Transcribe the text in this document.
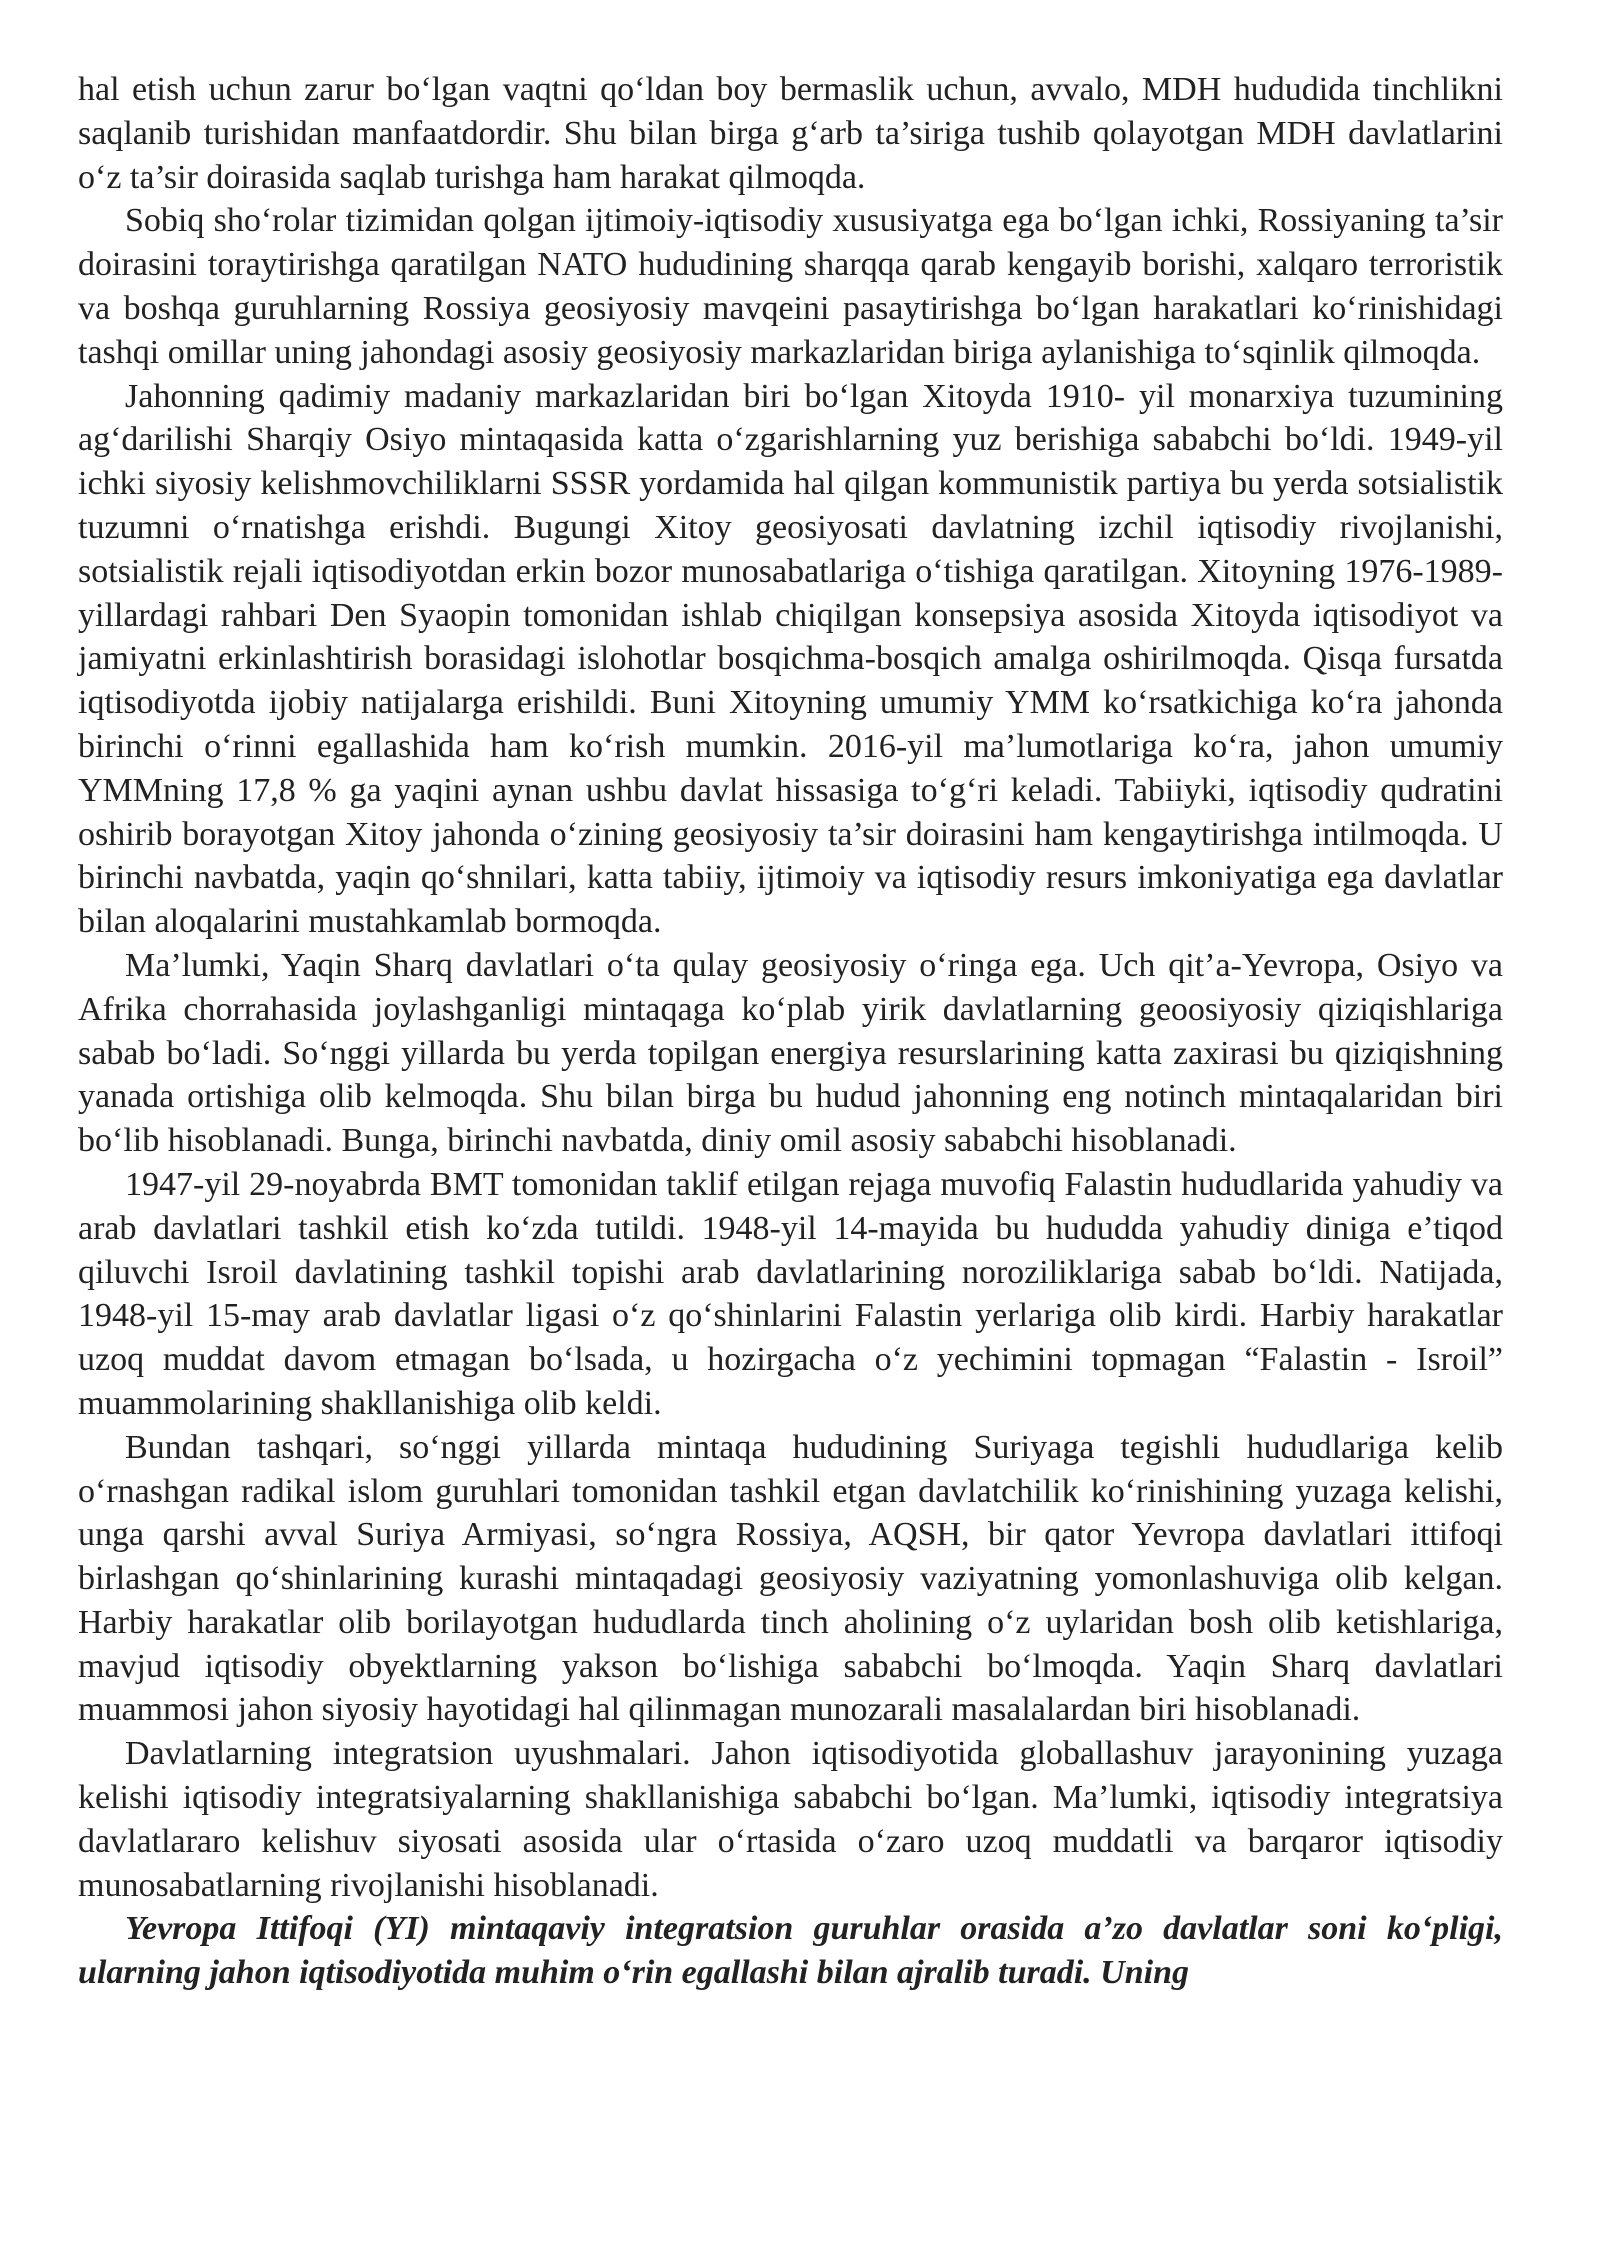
hal etish uchun zarur bo‘lgan vaqtni qo‘ldan boy bermaslik uchun, avvalo, MDH hududida tinchlikni saqlanib turishidan manfaatdordir. Shu bilan birga g‘arb ta’siriga tushib qolayotgan MDH davlatlarini o‘z ta’sir doirasida saqlab turishga ham harakat qilmoqda.

Sobiq sho‘rolar tizimidan qolgan ijtimoiy-iqtisodiy xususiyatga ega bo‘lgan ichki, Rossiyaning ta’sir doirasini toraytirishga qaratilgan NATO hududining sharqqa qarab kengayib borishi, xalqaro terroristik va boshqa guruhlarning Rossiya geosiyosiy mavqeini pasaytirishga bo‘lgan harakatlari ko‘rinishidagi tashqi omillar uning jahondagi asosiy geosiyosiy markazlaridan biriga aylanishiga to‘sqinlik qilmoqda.

Jahonning qadimiy madaniy markazlaridan biri bo‘lgan Xitoyda 1910- yil monarxiya tuzumining ag‘darilishi Sharqiy Osiyo mintaqasida katta o‘zgarishlarning yuz berishiga sababchi bo‘ldi. 1949-yil ichki siyosiy kelishmovchiliklarni SSSR yordamida hal qilgan kommunistik partiya bu yerda sotsialistik tuzumni o‘rnatishga erishdi. Bugungi Xitoy geosiyosati davlatning izchil iqtisodiy rivojlanishi, sotsialistik rejali iqtisodiyotdan erkin bozor munosabatlariga o‘tishiga qaratilgan. Xitoyning 1976-1989-yillardagi rahbari Den Syaopin tomonidan ishlab chiqilgan konsepsiya asosida Xitoyda iqtisodiyot va jamiyatni erkinlashtirish borasidagi islohotlar bosqichma-bosqich amalga oshirilmoqda. Qisqa fursatda iqtisodiyotda ijobiy natijalarga erishildi. Buni Xitoyning umumiy YMM ko‘rsatkichiga ko‘ra jahonda birinchi o‘rinni egallashida ham ko‘rish mumkin. 2016-yil ma’lumotlariga ko‘ra, jahon umumiy YMMning 17,8 % ga yaqini aynan ushbu davlat hissasiga to‘g‘ri keladi. Tabiiyki, iqtisodiy qudratini oshirib borayotgan Xitoy jahonda o‘zining geosiyosiy ta’sir doirasini ham kengaytirishga intilmoqda. U birinchi navbatda, yaqin qo‘shnilari, katta tabiiy, ijtimoiy va iqtisodiy resurs imkoniyatiga ega davlatlar bilan aloqalarini mustahkamlab bormoqda.

Ma’lumki, Yaqin Sharq davlatlari o‘ta qulay geosiyosiy o‘ringa ega. Uch qit’a-Yevropa, Osiyo va Afrika chorrahasida joylashganligi mintaqaga ko‘plab yirik davlatlarning geoosiyosiy qiziqishlariga sabab bo‘ladi. So‘nggi yillarda bu yerda topilgan energiya resurslarining katta zaxirasi bu qiziqishning yanada ortishiga olib kelmoqda. Shu bilan birga bu hudud jahonning eng notinch mintaqalaridan biri bo‘lib hisoblanadi. Bunga, birinchi navbatda, diniy omil asosiy sababchi hisoblanadi.

1947-yil 29-noyabrda BMT tomonidan taklif etilgan rejaga muvofiq Falastin hududlarida yahudiy va arab davlatlari tashkil etish ko‘zda tutildi. 1948-yil 14-mayida bu hududda yahudiy diniga e’tiqod qiluvchi Isroil davlatining tashkil topishi arab davlatlarining noroziliklariga sabab bo‘ldi. Natijada, 1948-yil 15-may arab davlatlar ligasi o‘z qo‘shinlarini Falastin yerlariga olib kirdi. Harbiy harakatlar uzoq muddat davom etmagan bo‘lsada, u hozirgacha o‘z yechimini topmagan “Falastin - Isroil” muammolarining shakllanishiga olib keldi.

Bundan tashqari, so‘nggi yillarda mintaqa hududining Suriyaga tegishli hududlariga kelib o‘rnashgan radikal islom guruhlari tomonidan tashkil etgan davlatchilik ko‘rinishining yuzaga kelishi, unga qarshi avval Suriya Armiyasi, so‘ngra Rossiya, AQSH, bir qator Yevropa davlatlari ittifoqi birlashgan qo‘shinlarining kurashi mintaqadagi geosiyosiy vaziyatning yomonlashuviga olib kelgan. Harbiy harakatlar olib borilayotgan hududlarda tinch aholining o‘z uylaridan bosh olib ketishlariga, mavjud iqtisodiy obyektlarning yakson bo‘lishiga sababchi bo‘lmoqda. Yaqin Sharq davlatlari muammosi jahon siyosiy hayotidagi hal qilinmagan munozarali masalalardan biri hisoblanadi.

Davlatlarning integratsion uyushmalari. Jahon iqtisodiyotida globallashuv jarayonining yuzaga kelishi iqtisodiy integratsiyalarning shakllanishiga sababchi bo‘lgan. Ma’lumki, iqtisodiy integratsiya davlatlararo kelishuv siyosati asosida ular o‘rtasida o‘zaro uzoq muddatli va barqaror iqtisodiy munosabatlarning rivojlanishi hisoblanadi.

Yevropa Ittifoqi (YI) mintaqaviy integratsion guruhlar orasida a’zo davlatlar soni ko‘pligi, ularning jahon iqtisodiyotida muhim o‘rin egallashi bilan ajralib turadi. Uning
